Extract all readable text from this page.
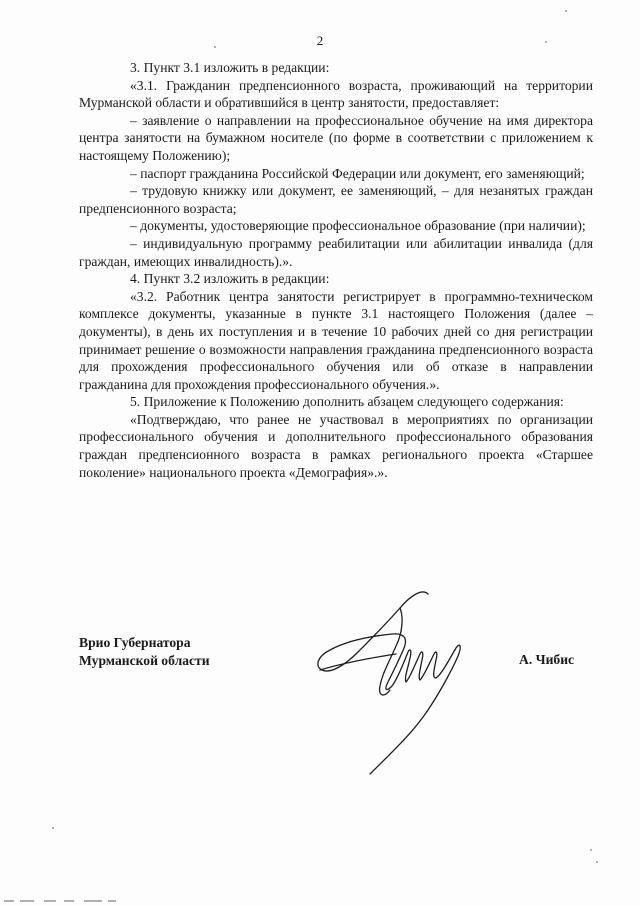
2

3. Пункт 3.1 изложить в редакции:

«3.1. Гражданин предпенсионного возраста, проживающий на территории Мурманской области и обратившийся в центр занятости, предоставляет:

– заявление о направлении на профессиональное обучение на имя директора центра занятости на бумажном носителе (по форме в соответствии с приложением к настоящему Положению);

– паспорт гражданина Российской Федерации или документ, его заменяющий;

– трудовую книжку или документ, ее заменяющий, – для незанятых граждан предпенсионного возраста;

– документы, удостоверяющие профессиональное образование (при наличии);

– индивидуальную программу реабилитации или абилитации инвалида (для граждан, имеющих инвалидность).».

4. Пункт 3.2 изложить в редакции:

«3.2. Работник центра занятости регистрирует в программно-техническом комплексе документы, указанные в пункте 3.1 настоящего Положения (далее – документы), в день их поступления и в течение 10 рабочих дней со дня регистрации принимает решение о возможности направления гражданина предпенсионного возраста для прохождения профессионального обучения или об отказе в направлении гражданина для прохождения профессионального обучения.».

5. Приложение к Положению дополнить абзацем следующего содержания:

«Подтверждаю, что ранее не участвовал в мероприятиях по организации профессионального обучения и дополнительного профессионального образования граждан предпенсионного возраста в рамках регионального проекта «Старшее поколение» национального проекта «Демография».».

Врио Губернатора
Мурманской области	А. Чибис
